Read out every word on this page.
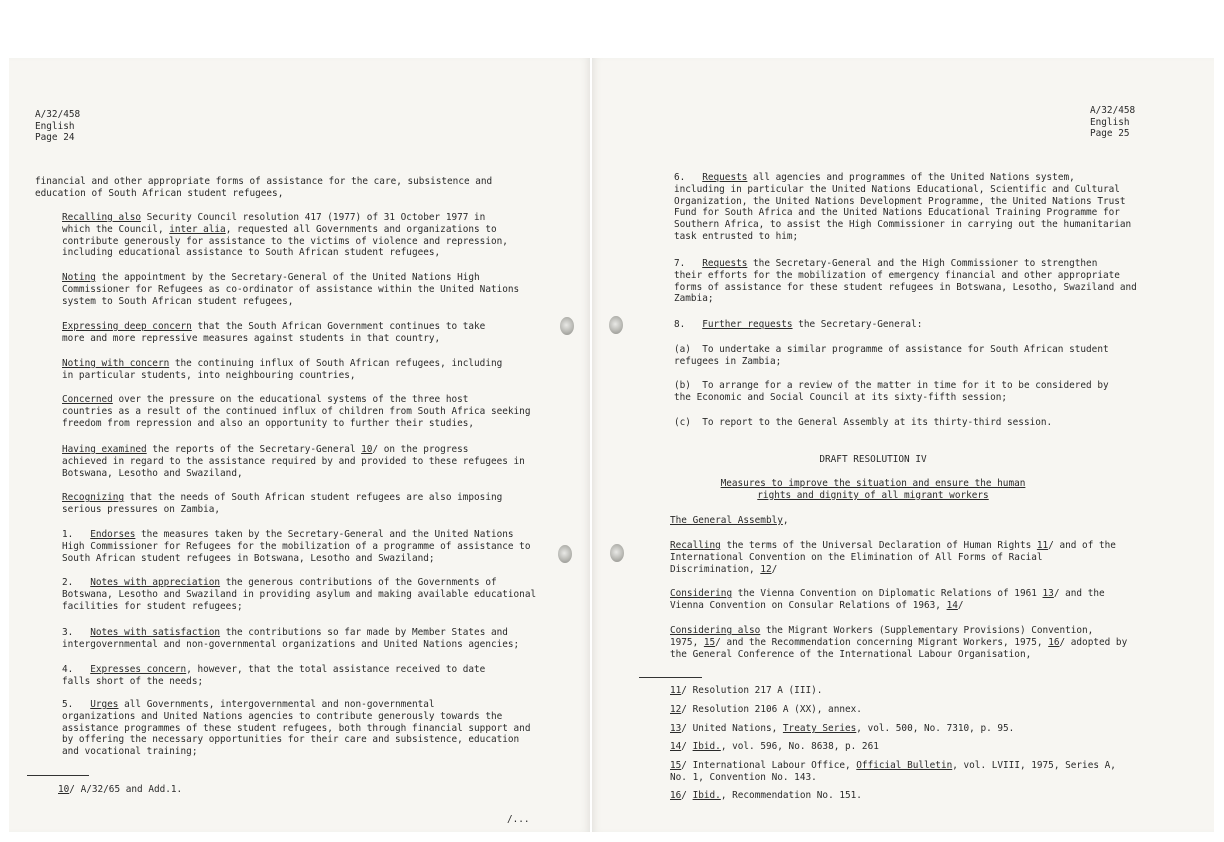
A/32/458
English
Page 24
financial and other appropriate forms of assistance for the care, subsistence and
education of South African student refugees,
Recalling also Security Council resolution 417 (1977) of 31 October 1977 in
which the Council, inter alia, requested all Governments and organizations to
contribute generously for assistance to the victims of violence and repression,
including educational assistance to South African student refugees,
Noting the appointment by the Secretary-General of the United Nations High
Commissioner for Refugees as co-ordinator of assistance within the United Nations
system to South African student refugees,
Expressing deep concern that the South African Government continues to take
more and more repressive measures against students in that country,
Noting with concern the continuing influx of South African refugees, including
in particular students, into neighbouring countries,
Concerned over the pressure on the educational systems of the three host
countries as a result of the continued influx of children from South Africa seeking
freedom from repression and also an opportunity to further their studies,
Having examined the reports of the Secretary-General 10/ on the progress
achieved in regard to the assistance required by and provided to these refugees in
Botswana, Lesotho and Swaziland,
Recognizing that the needs of South African student refugees are also imposing
serious pressures on Zambia,
1.   Endorses the measures taken by the Secretary-General and the United Nations
High Commissioner for Refugees for the mobilization of a programme of assistance to
South African student refugees in Botswana, Lesotho and Swaziland;
2.   Notes with appreciation the generous contributions of the Governments of
Botswana, Lesotho and Swaziland in providing asylum and making available educational
facilities for student refugees;
3.   Notes with satisfaction the contributions so far made by Member States and
intergovernmental and non-governmental organizations and United Nations agencies;
4.   Expresses concern, however, that the total assistance received to date
falls short of the needs;
5.   Urges all Governments, intergovernmental and non-governmental
organizations and United Nations agencies to contribute generously towards the
assistance programmes of these student refugees, both through financial support and
by offering the necessary opportunities for their care and subsistence, education
and vocational training;
10/ A/32/65 and Add.1.
/...
A/32/458
English
Page 25
6.   Requests all agencies and programmes of the United Nations system,
including in particular the United Nations Educational, Scientific and Cultural
Organization, the United Nations Development Programme, the United Nations Trust
Fund for South Africa and the United Nations Educational Training Programme for
Southern Africa, to assist the High Commissioner in carrying out the humanitarian
task entrusted to him;
7.   Requests the Secretary-General and the High Commissioner to strengthen
their efforts for the mobilization of emergency financial and other appropriate
forms of assistance for these student refugees in Botswana, Lesotho, Swaziland and
Zambia;
8.   Further requests the Secretary-General:
(a)  To undertake a similar programme of assistance for South African student
refugees in Zambia;
(b)  To arrange for a review of the matter in time for it to be considered by
the Economic and Social Council at its sixty-fifth session;
(c)  To report to the General Assembly at its thirty-third session.
DRAFT RESOLUTION IV
Measures to improve the situation and ensure the human
rights and dignity of all migrant workers
The General Assembly,
Recalling the terms of the Universal Declaration of Human Rights 11/ and of the
International Convention on the Elimination of All Forms of Racial
Discrimination, 12/
Considering the Vienna Convention on Diplomatic Relations of 1961 13/ and the
Vienna Convention on Consular Relations of 1963, 14/
Considering also the Migrant Workers (Supplementary Provisions) Convention,
1975, 15/ and the Recommendation concerning Migrant Workers, 1975, 16/ adopted by
the General Conference of the International Labour Organisation,
11/ Resolution 217 A (III).
12/ Resolution 2106 A (XX), annex.
13/ United Nations, Treaty Series, vol. 500, No. 7310, p. 95.
14/ Ibid., vol. 596, No. 8638, p. 261
15/ International Labour Office, Official Bulletin, vol. LVIII, 1975, Series A,
No. 1, Convention No. 143.
16/ Ibid., Recommendation No. 151.
